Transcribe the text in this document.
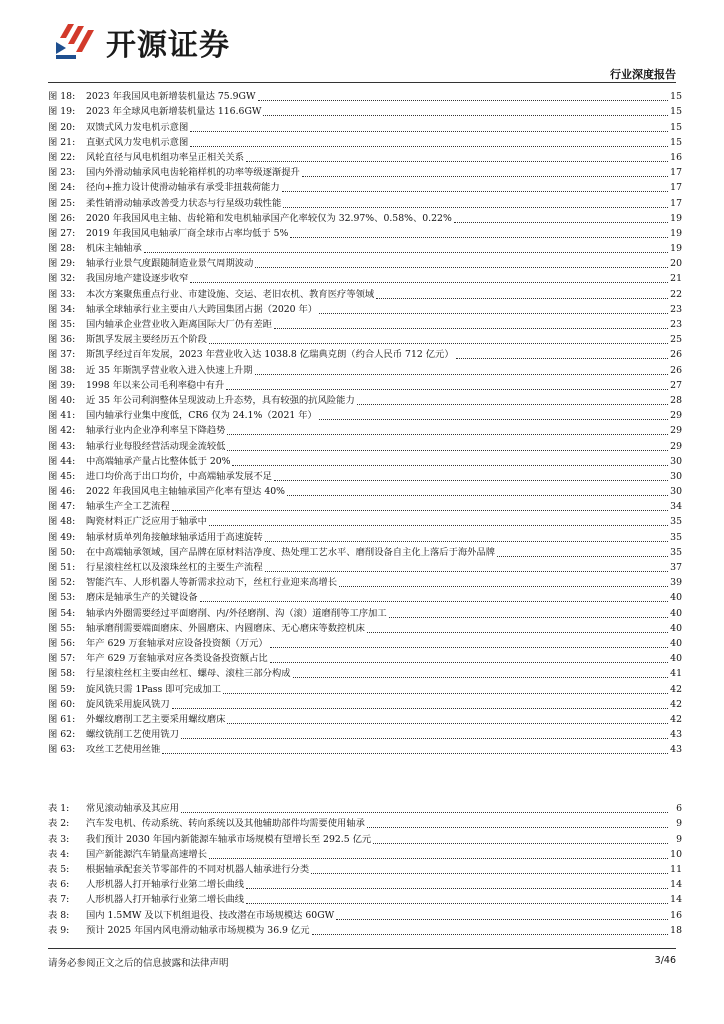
开源证券
行业深度报告
图 18:	2023 年我国风电新增装机量达 75.9GW	15
图 19:	2023 年全球风电新增装机量达 116.6GW	15
图 20:	双馈式风力发电机示意图	15
图 21:	直驱式风力发电机示意图	15
图 22:	风轮直径与风电机组功率呈正相关关系	16
图 23:	国内外滑动轴承风电齿轮箱样机的功率等级逐渐提升	17
图 24:	径向+推力设计使滑动轴承有承受非扭载荷能力	17
图 25:	柔性销滑动轴承改善受力状态与行星级功载性能	17
图 26:	2020 年我国风电主轴、齿轮箱和发电机轴承国产化率较仅为 32.97%、0.58%、0.22%	19
图 27:	2019 年我国风电轴承厂商全球市占率均低于 5%	19
图 28:	机床主轴轴承	19
图 29:	轴承行业景气度跟随制造业景气周期波动	20
图 32:	我国房地产建设逐步收窄	21
图 33:	本次方案聚焦重点行业、市建设施、交运、老旧农机、教育医疗等领域	22
图 34:	轴承全球轴承行业主要由八大跨国集团占据（2020 年）	23
图 35:	国内轴承企业营业收入距离国际大厂仍有差距	23
图 36:	斯凯孚发展主要经历五个阶段	25
图 37:	斯凯孚经过百年发展，2023 年营业收入达 1038.8 亿瑞典克朗（约合人民币 712 亿元）	26
图 38:	近 35 年斯凯孚营业收入进入快速上升期	26
图 39:	1998 年以来公司毛利率稳中有升	27
图 40:	近 35 年公司利润整体呈现波动上升态势，具有较强的抗风险能力	28
图 41:	国内轴承行业集中度低，CR6 仅为 24.1%（2021 年）	29
图 42:	轴承行业内企业净利率呈下降趋势	29
图 43:	轴承行业每股经营活动现金流较低	29
图 44:	中高端轴承产量占比整体低于 20%	30
图 45:	进口均价高于出口均价，中高端轴承发展不足	30
图 46:	2022 年我国风电主轴轴承国产化率有望达 40%	30
图 47:	轴承生产全工艺流程	34
图 48:	陶瓷材料正广泛应用于轴承中	35
图 49:	轴承材质单列角接触球轴承适用于高速旋转	35
图 50:	在中高端轴承领域，国产品牌在原材料洁净度、热处理工艺水平、磨削设备自主化上落后于海外品牌	35
图 51:	行星滚柱丝杠以及滚珠丝杠的主要生产流程	37
图 52:	智能汽车、人形机器人等新需求拉动下，丝杠行业迎来高增长	39
图 53:	磨床是轴承生产的关键设备	40
图 54:	轴承内外圈需要经过平面磨削、内/外径磨削、沟（滚）道磨削等工序加工	40
图 55:	轴承磨削需要端面磨床、外圆磨床、内圆磨床、无心磨床等数控机床	40
图 56:	年产 629 万套轴承对应设备投资额（万元）	40
图 57:	年产 629 万套轴承对应各类设备投资额占比	40
图 58:	行星滚柱丝杠主要由丝杠、螺母、滚柱三部分构成	41
图 59:	旋风铣只需 1Pass 即可完成加工	42
图 60:	旋风铣采用旋风铣刀	42
图 61:	外螺纹磨削工艺主要采用螺纹磨床	42
图 62:	螺纹铣削工艺使用铣刀	43
图 63:	攻丝工艺使用丝锥	43
表 1:	常见滚动轴承及其应用	6
表 2:	汽车发电机、传动系统、转向系统以及其他辅助部件均需要使用轴承	9
表 3:	我们预计 2030 年国内新能源车轴承市场规模有望增长至 292.5 亿元	9
表 4:	国产新能源汽车销量高速增长	10
表 5:	根据轴承配套关节零部件的不同对机器人轴承进行分类	11
表 6:	人形机器人打开轴承行业第二增长曲线	14
表 7:	人形机器人打开轴承行业第二增长曲线	14
表 8:	国内 1.5MW 及以下机组退役、技改潜在市场规模达 60GW	16
表 9:	预计 2025 年国内风电滑动轴承市场规模为 36.9 亿元	18
请务必参阅正文之后的信息披露和法律声明	3/46
